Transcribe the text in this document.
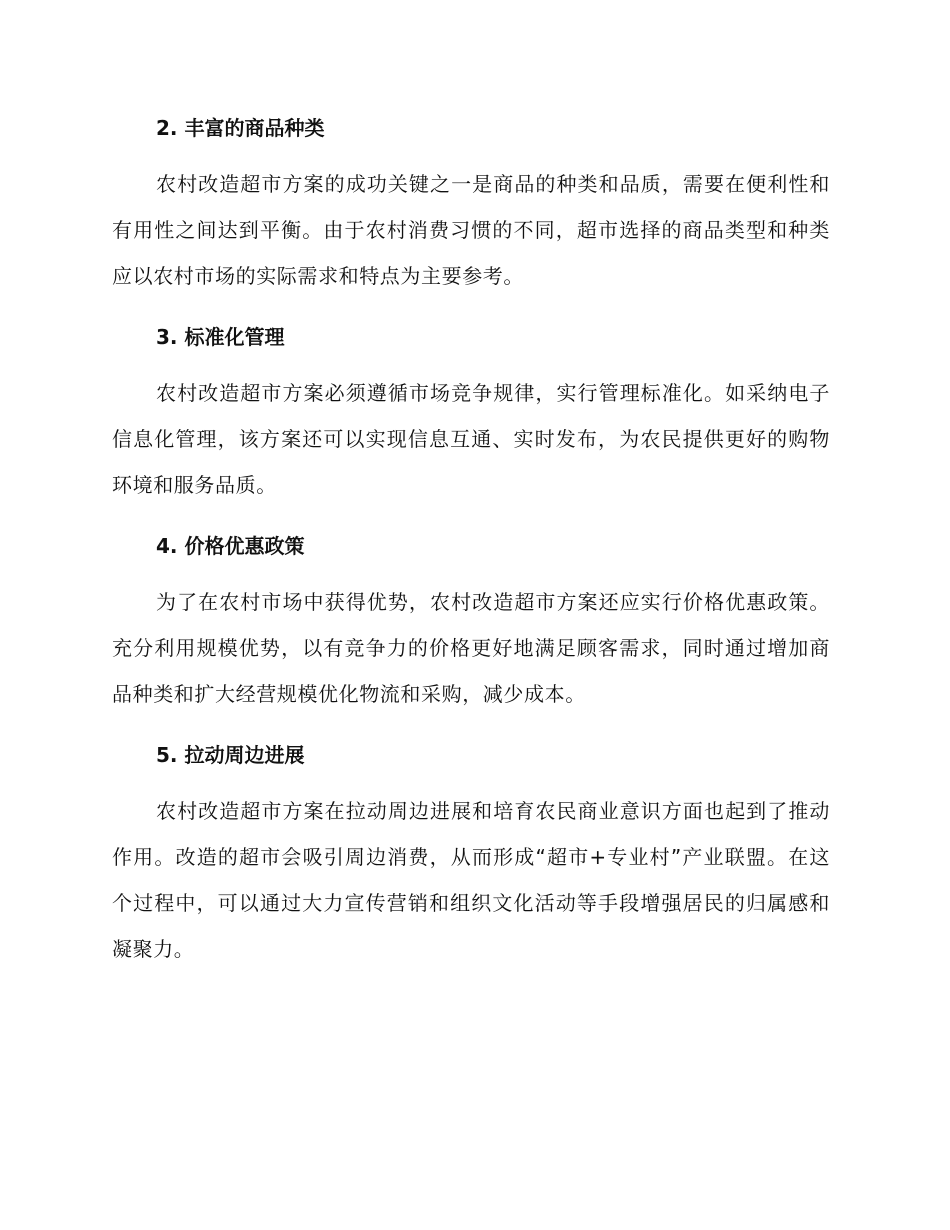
2. 丰富的商品种类

农村改造超市方案的成功关键之一是商品的种类和品质，需要在便利性和有用性之间达到平衡。由于农村消费习惯的不同，超市选择的商品类型和种类应以农村市场的实际需求和特点为主要参考。

3. 标准化管理

农村改造超市方案必须遵循市场竞争规律，实行管理标准化。如采纳电子信息化管理，该方案还可以实现信息互通、实时发布，为农民提供更好的购物环境和服务品质。

4. 价格优惠政策

为了在农村市场中获得优势，农村改造超市方案还应实行价格优惠政策。充分利用规模优势，以有竞争力的价格更好地满足顾客需求，同时通过增加商品种类和扩大经营规模优化物流和采购，减少成本。

5. 拉动周边进展

农村改造超市方案在拉动周边进展和培育农民商业意识方面也起到了推动作用。改造的超市会吸引周边消费，从而形成“超市+专业村”产业联盟。在这个过程中，可以通过大力宣传营销和组织文化活动等手段增强居民的归属感和凝聚力。
